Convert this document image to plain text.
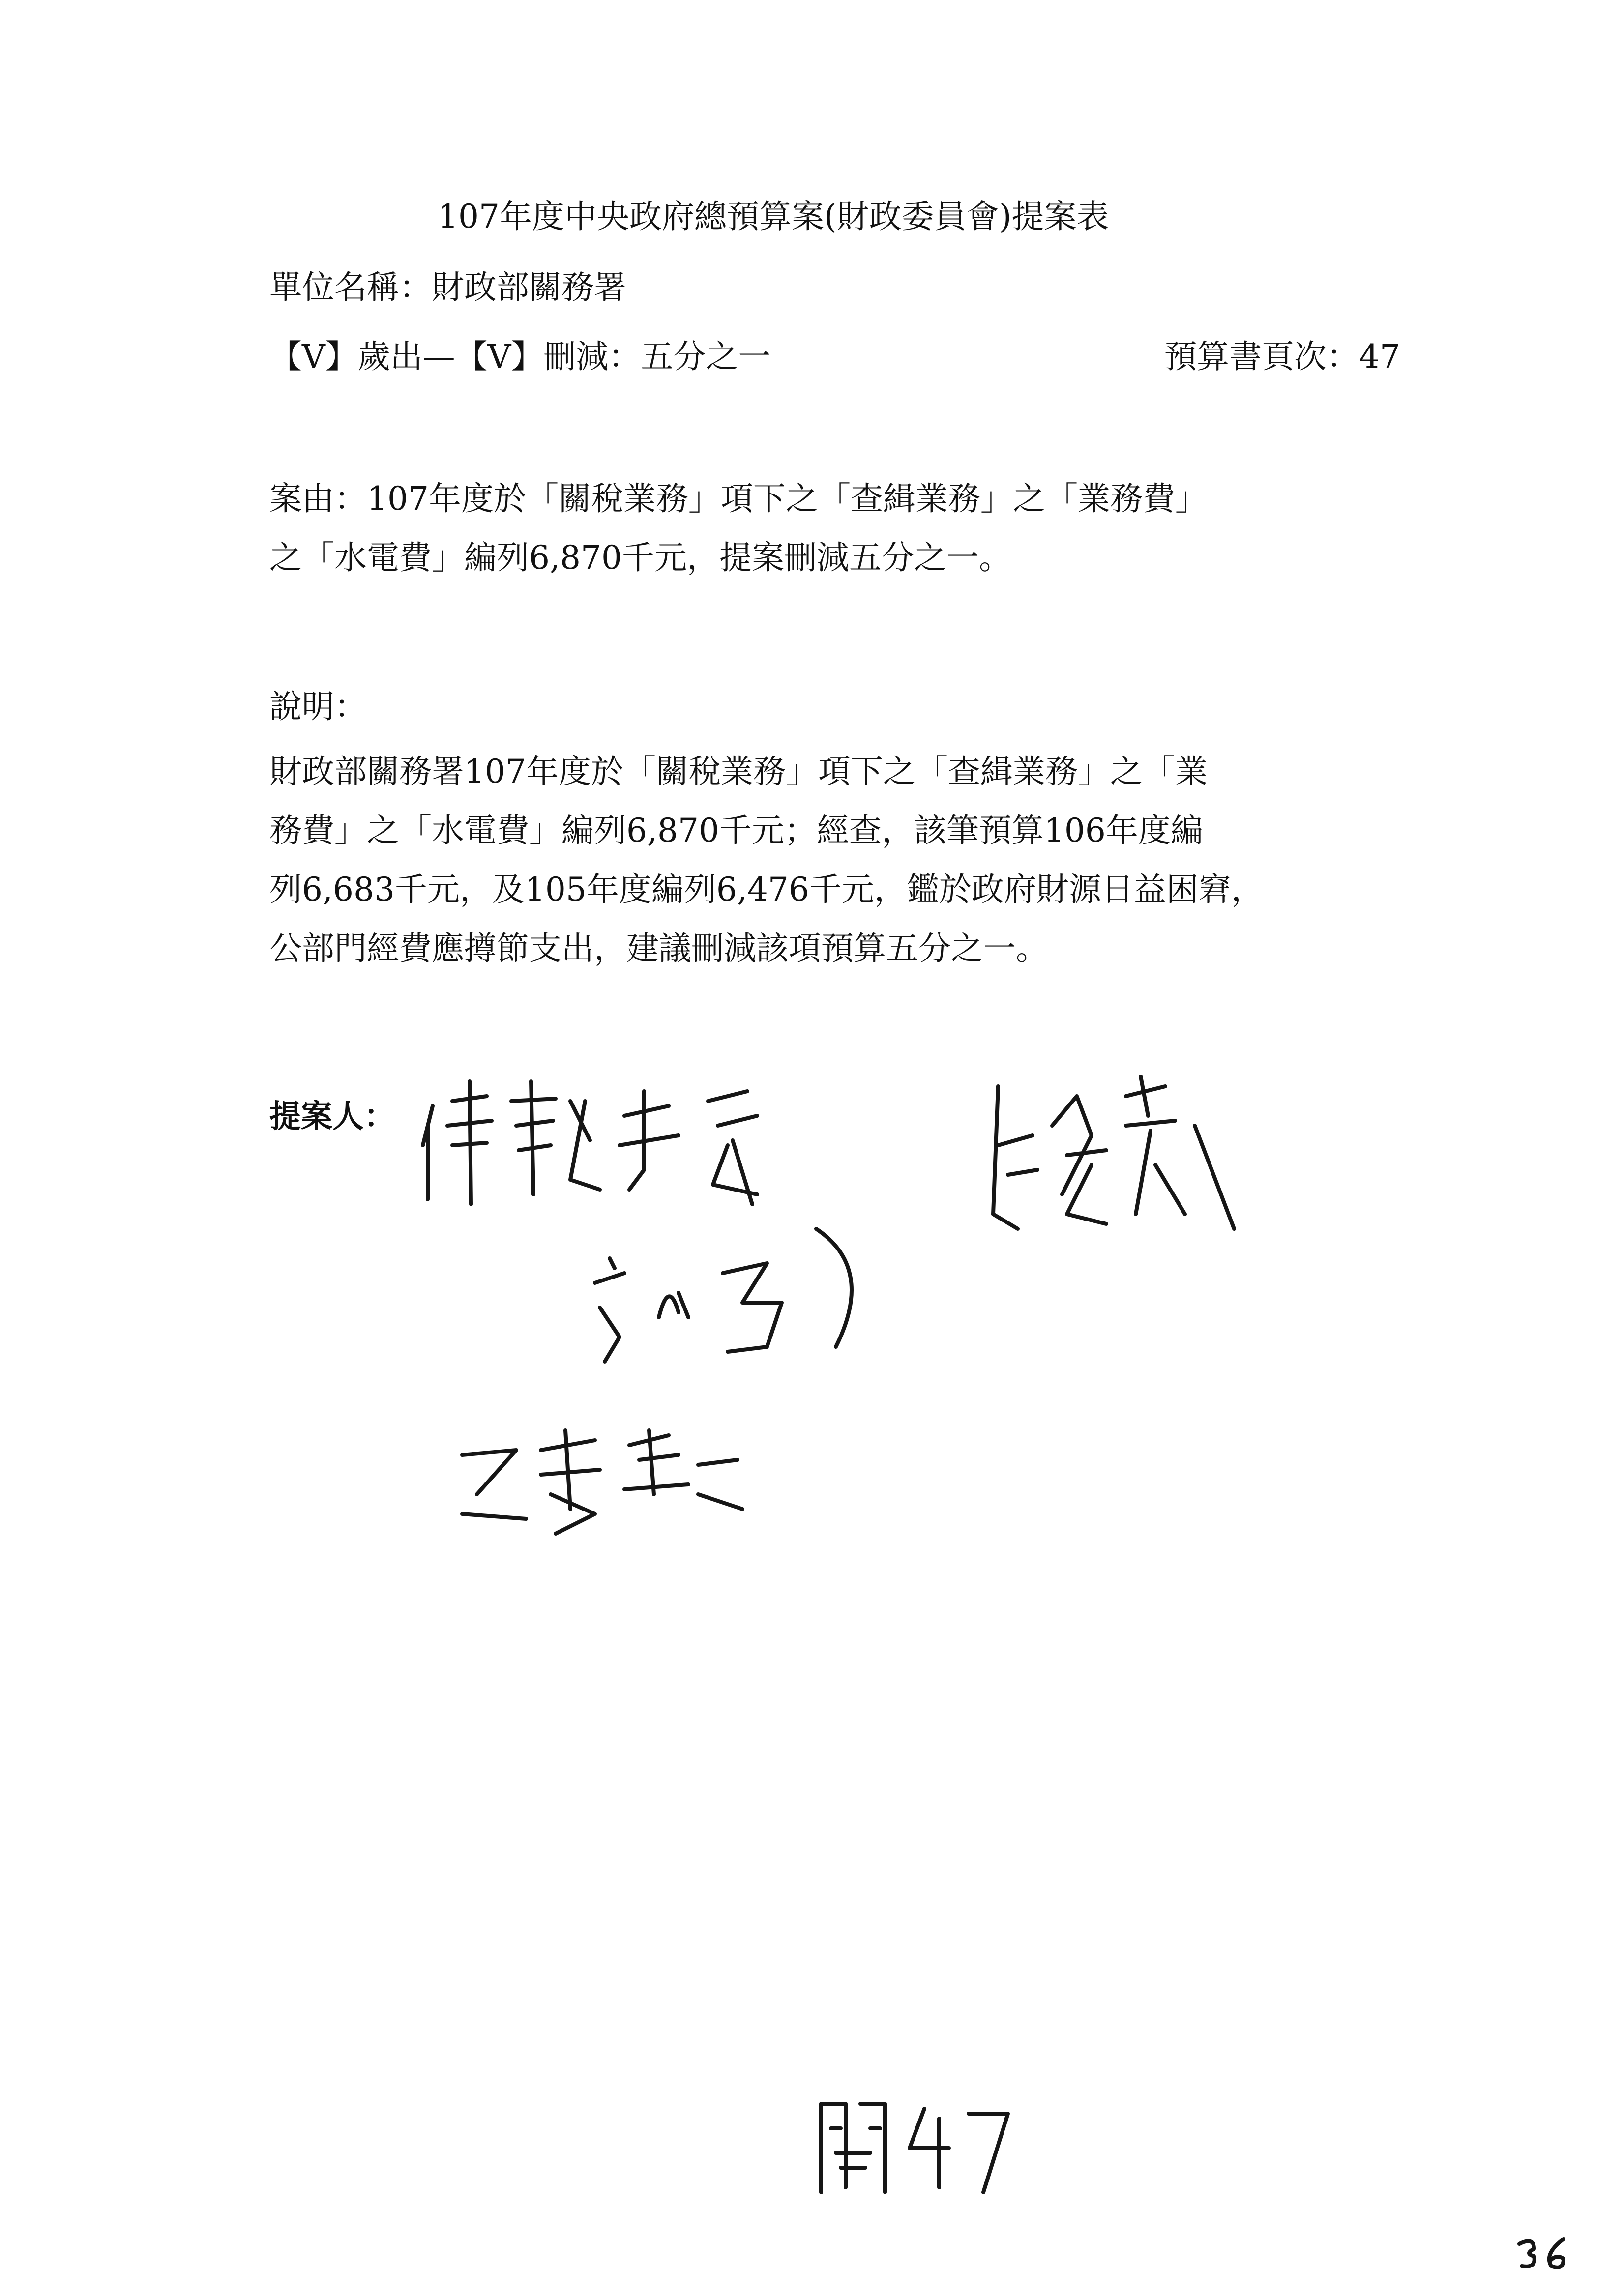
107年度中央政府總預算案(財政委員會)提案表
單位名稱：財政部關務署
【V】歲出—【V】刪減：五分之一	預算書頁次：47
案由：107年度於「關稅業務」項下之「查緝業務」之「業務費」
之「水電費」編列6,870千元，提案刪減五分之一。
說明：
財政部關務署107年度於「關稅業務」項下之「查緝業務」之「業
務費」之「水電費」編列6,870千元；經查，該筆預算106年度編
列6,683千元，及105年度編列6,476千元，鑑於政府財源日益困窘，
公部門經費應撙節支出，建議刪減該項預算五分之一。
提案人：
